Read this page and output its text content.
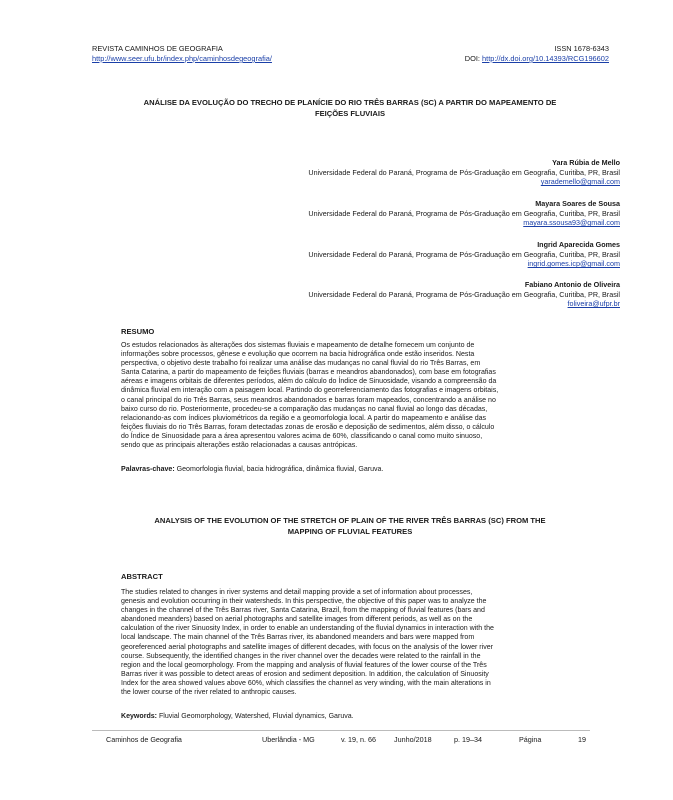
REVISTA CAMINHOS DE GEOGRAFIA
http://www.seer.ufu.br/index.php/caminhosdegeografia/
ISSN 1678-6343
DOI: http://dx.doi.org/10.14393/RCG196602
ANÁLISE DA EVOLUÇÃO DO TRECHO DE PLANÍCIE DO RIO TRÊS BARRAS (SC) A PARTIR DO MAPEAMENTO DE
FEIÇÕES FLUVIAIS
Yara Rúbia de Mello
Universidade Federal do Paraná, Programa de Pós-Graduação em Geografia, Curitiba, PR, Brasil
yarademello@gmail.com
Mayara Soares de Sousa
Universidade Federal do Paraná, Programa de Pós-Graduação em Geografia, Curitiba, PR, Brasil
mayara.ssousa93@gmail.com
Ingrid Aparecida Gomes
Universidade Federal do Paraná, Programa de Pós-Graduação em Geografia, Curitiba, PR, Brasil
ingrid.gomes.icp@gmail.com
Fabiano Antonio de Oliveira
Universidade Federal do Paraná, Programa de Pós-Graduação em Geografia, Curitiba, PR, Brasil
foliveira@ufpr.br
RESUMO
Os estudos relacionados às alterações dos sistemas fluviais e mapeamento de detalhe fornecem um conjunto de
informações sobre processos, gênese e evolução que ocorrem na bacia hidrográfica onde estão inseridos. Nesta
perspectiva, o objetivo deste trabalho foi realizar uma análise das mudanças no canal fluvial do rio Três Barras, em
Santa Catarina, a partir do mapeamento de feições fluviais (barras e meandros abandonados), com base em fotografias
aéreas e imagens orbitais de diferentes períodos, além do cálculo do Índice de Sinuosidade, visando a compreensão da
dinâmica fluvial em interação com a paisagem local. Partindo do georreferenciamento das fotografias e imagens orbitais,
o canal principal do rio Três Barras, seus meandros abandonados e barras foram mapeados, concentrando a análise no
baixo curso do rio. Posteriormente, procedeu-se a comparação das mudanças no canal fluvial ao longo das décadas,
relacionando-as com índices pluviométricos da região e a geomorfologia local. A partir do mapeamento e análise das
feições fluviais do rio Três Barras, foram detectadas zonas de erosão e deposição de sedimentos, além disso, o cálculo
do Índice de Sinuosidade para a área apresentou valores acima de 60%, classificando o canal como muito sinuoso,
sendo que as principais alterações estão relacionadas a causas antrópicas.
Palavras-chave: Geomorfologia fluvial, bacia hidrográfica, dinâmica fluvial, Garuva.
ANALYSIS OF THE EVOLUTION OF THE STRETCH OF PLAIN OF THE RIVER TRÊS BARRAS (SC) FROM THE
MAPPING OF FLUVIAL FEATURES
ABSTRACT
The studies related to changes in river systems and detail mapping provide a set of information about processes,
genesis and evolution occurring in their watersheds. In this perspective, the objective of this paper was to analyze the
changes in the channel of the Três Barras river, Santa Catarina, Brazil, from the mapping of fluvial features (bars and
abandoned meanders) based on aerial photographs and satellite images from different periods, as well as on the
calculation of the river Sinuosity Index, in order to enable an understanding of the fluvial dynamics in interaction with the
local landscape. The main channel of the Três Barras river, its abandoned meanders and bars were mapped from
georeferenced aerial photographs and satellite images of different decades, with focus on the analysis of the lower river
course. Subsequently, the identified changes in the river channel over the decades were related to the rainfall in the
region and the local geomorphology. From the mapping and analysis of fluvial features of the lower course of the Três
Barras river it was possible to detect areas of erosion and sediment deposition. In addition, the calculation of Sinuosity
Index for the area showed values above 60%, which classifies the channel as very winding, with the main alterations in
the lower course of the river related to anthropic causes.
Keywords: Fluvial Geomorphology, Watershed, Fluvial dynamics, Garuva.
Caminhos de Geografia	Uberlândia - MG	v. 19, n. 66 Junho/2018	p. 19–34	Página	19
